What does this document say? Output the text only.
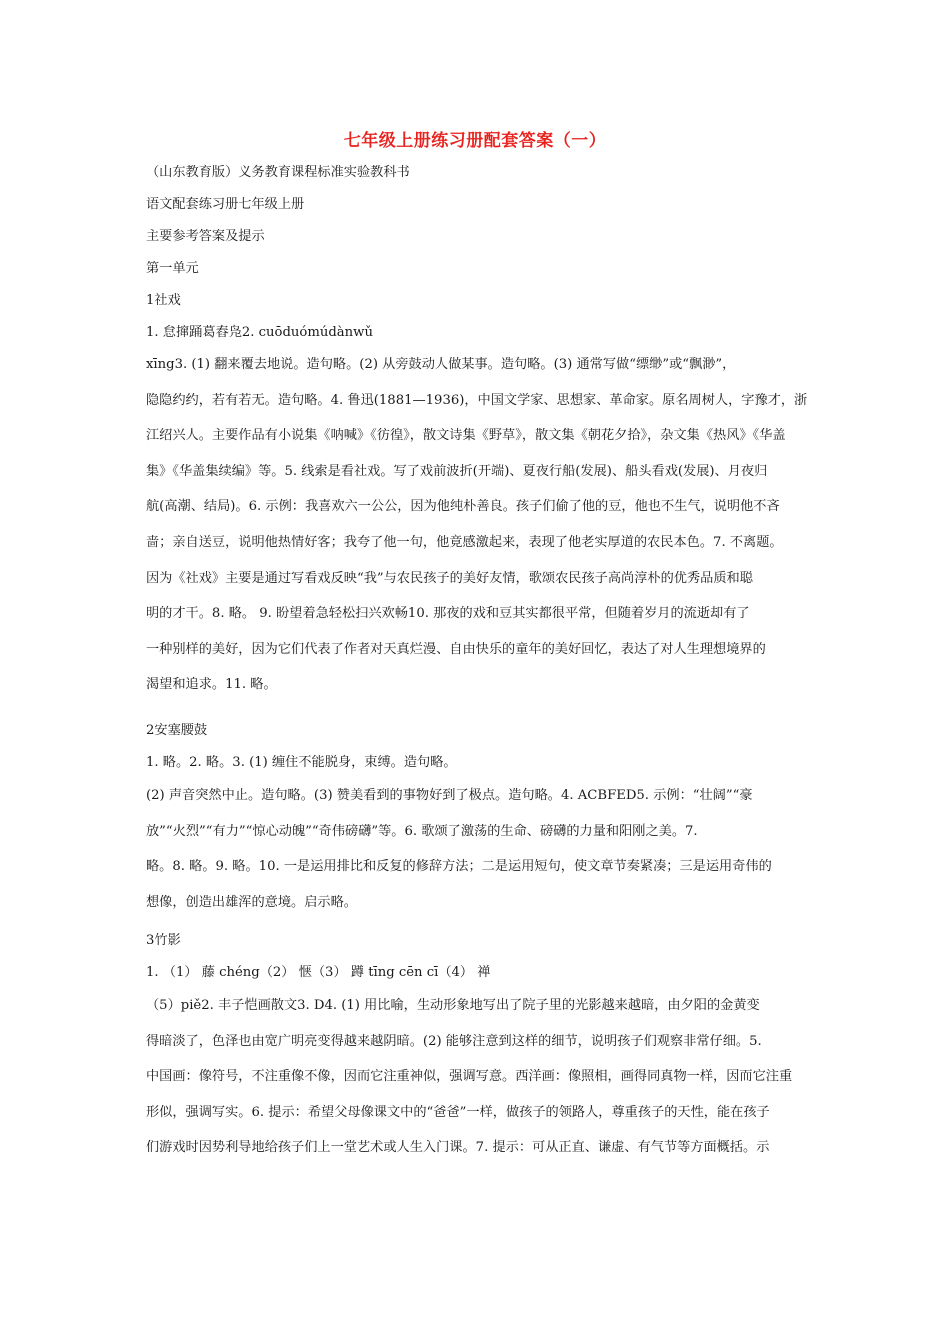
七年级上册练习册配套答案（一）
（山东教育版）义务教育课程标准实验教科书
语文配套练习册七年级上册
主要参考答案及提示
第一单元
1社戏
1. 怠撺踊葛舂凫2. cuōduómúdànwǔ
xīng3. (1) 翻来覆去地说。造句略。(2) 从旁鼓动人做某事。造句略。(3) 通常写做“缥缈”或“飘渺”，
隐隐约约，若有若无。造句略。4. 鲁迅(1881—1936)，中国文学家、思想家、革命家。原名周树人，字豫才，浙
江绍兴人。主要作品有小说集《呐喊》《彷徨》，散文诗集《野草》，散文集《朝花夕拾》，杂文集《热风》《华盖
集》《华盖集续编》等。5. 线索是看社戏。写了戏前波折(开端)、夏夜行船(发展)、船头看戏(发展)、月夜归
航(高潮、结局)。6. 示例：我喜欢六一公公，因为他纯朴善良。孩子们偷了他的豆，他也不生气，说明他不吝
啬；亲自送豆，说明他热情好客；我夸了他一句，他竟感激起来，表现了他老实厚道的农民本色。7. 不离题。
因为《社戏》主要是通过写看戏反映“我”与农民孩子的美好友情，歌颂农民孩子高尚淳朴的优秀品质和聪
明的才干。8. 略。 9. 盼望着急轻松扫兴欢畅10. 那夜的戏和豆其实都很平常，但随着岁月的流逝却有了
一种别样的美好，因为它们代表了作者对天真烂漫、自由快乐的童年的美好回忆，表达了对人生理想境界的
渴望和追求。11. 略。
2安塞腰鼓
1. 略。2. 略。3. (1) 缠住不能脱身，束缚。造句略。
(2) 声音突然中止。造句略。(3) 赞美看到的事物好到了极点。造句略。4. ACBFED5. 示例：“壮阔”“豪
放”“火烈”“有力”“惊心动魄”“奇伟磅礴”等。6. 歌颂了激荡的生命、磅礴的力量和阳刚之美。7.
略。8. 略。9. 略。10. 一是运用排比和反复的修辞方法；二是运用短句，使文章节奏紧凑；三是运用奇伟的
想像，创造出雄浑的意境。启示略。
3竹影
1. （1） 藤 chéng（2） 惬（3） 蹲 tīng cēn cī（4） 禅
（5）piě2. 丰子恺画散文3. D4. (1) 用比喻，生动形象地写出了院子里的光影越来越暗，由夕阳的金黄变
得暗淡了，色泽也由宽广明亮变得越来越阴暗。(2) 能够注意到这样的细节，说明孩子们观察非常仔细。5.
中国画：像符号，不注重像不像，因而它注重神似，强调写意。西洋画：像照相，画得同真物一样，因而它注重
形似，强调写实。6. 提示：希望父母像课文中的“爸爸”一样，做孩子的领路人，尊重孩子的天性，能在孩子
们游戏时因势利导地给孩子们上一堂艺术或人生入门课。7. 提示：可从正直、谦虚、有气节等方面概括。示
